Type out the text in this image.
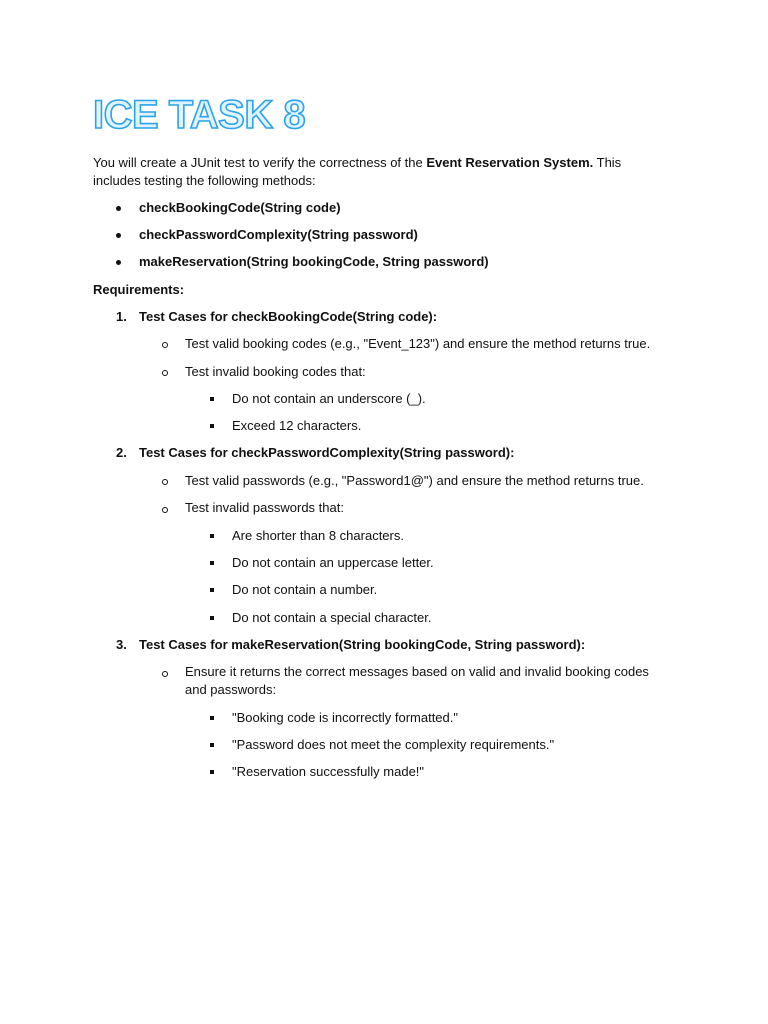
ICE TASK 8
You will create a JUnit test to verify the correctness of the Event Reservation System. This
includes testing the following methods:
checkBookingCode(String code)
checkPasswordComplexity(String password)
makeReservation(String bookingCode, String password)
Requirements:
1. Test Cases for checkBookingCode(String code):
Test valid booking codes (e.g., "Event_123") and ensure the method returns true.
Test invalid booking codes that:
Do not contain an underscore (_).
Exceed 12 characters.
2. Test Cases for checkPasswordComplexity(String password):
Test valid passwords (e.g., "Password1@") and ensure the method returns true.
Test invalid passwords that:
Are shorter than 8 characters.
Do not contain an uppercase letter.
Do not contain a number.
Do not contain a special character.
3. Test Cases for makeReservation(String bookingCode, String password):
Ensure it returns the correct messages based on valid and invalid booking codes
and passwords:
"Booking code is incorrectly formatted."
"Password does not meet the complexity requirements."
"Reservation successfully made!"
